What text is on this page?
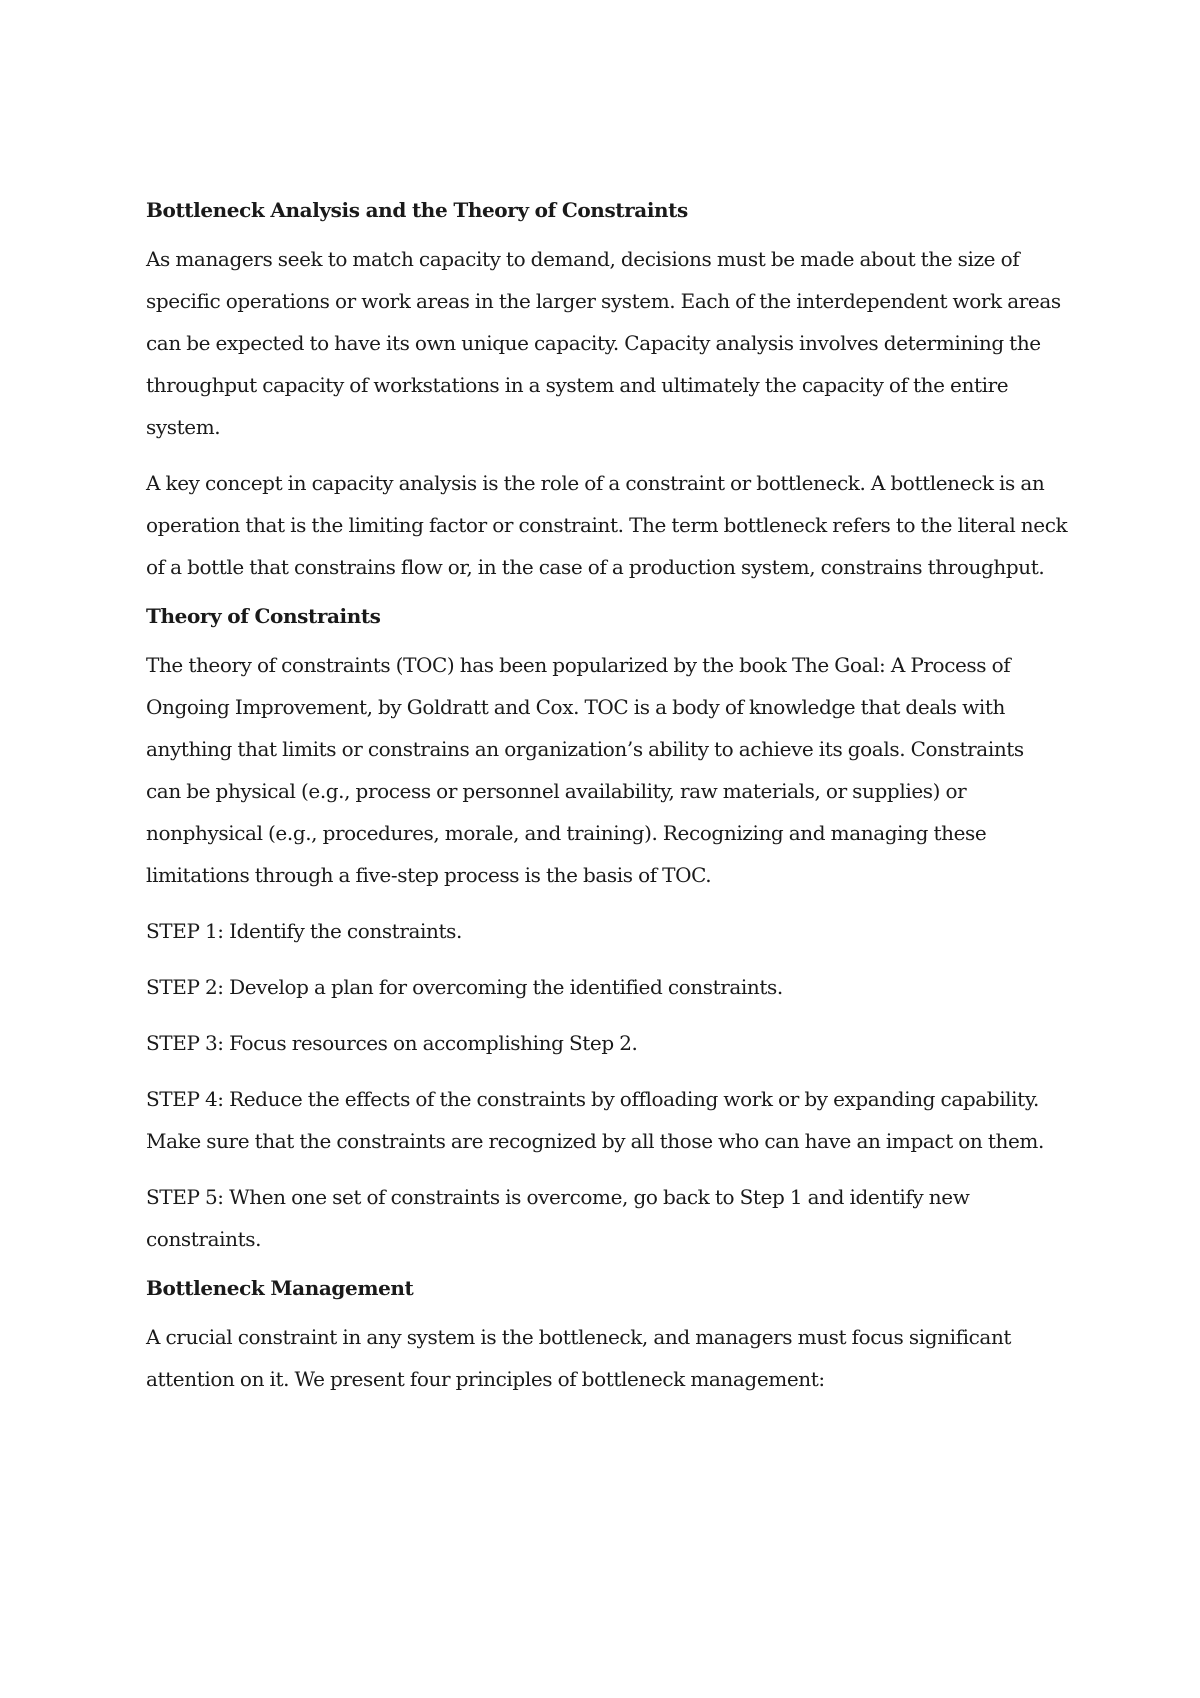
Bottleneck Analysis and the Theory of Constraints
As managers seek to match capacity to demand, decisions must be made about the size of
specific operations or work areas in the larger system. Each of the interdependent work areas
can be expected to have its own unique capacity. Capacity analysis involves determining the
throughput capacity of workstations in a system and ultimately the capacity of the entire
system.
A key concept in capacity analysis is the role of a constraint or bottleneck. A bottleneck is an
operation that is the limiting factor or constraint. The term bottleneck refers to the literal neck
of a bottle that constrains flow or, in the case of a production system, constrains throughput.
Theory of Constraints
The theory of constraints (TOC) has been popularized by the book The Goal: A Process of
Ongoing Improvement, by Goldratt and Cox. TOC is a body of knowledge that deals with
anything that limits or constrains an organization’s ability to achieve its goals. Constraints
can be physical (e.g., process or personnel availability, raw materials, or supplies) or
nonphysical (e.g., procedures, morale, and training). Recognizing and managing these
limitations through a five-step process is the basis of TOC.
STEP 1: Identify the constraints.
STEP 2: Develop a plan for overcoming the identified constraints.
STEP 3: Focus resources on accomplishing Step 2.
STEP 4: Reduce the effects of the constraints by offloading work or by expanding capability.
Make sure that the constraints are recognized by all those who can have an impact on them.
STEP 5: When one set of constraints is overcome, go back to Step 1 and identify new
constraints.
Bottleneck Management
A crucial constraint in any system is the bottleneck, and managers must focus significant
attention on it. We present four principles of bottleneck management:
